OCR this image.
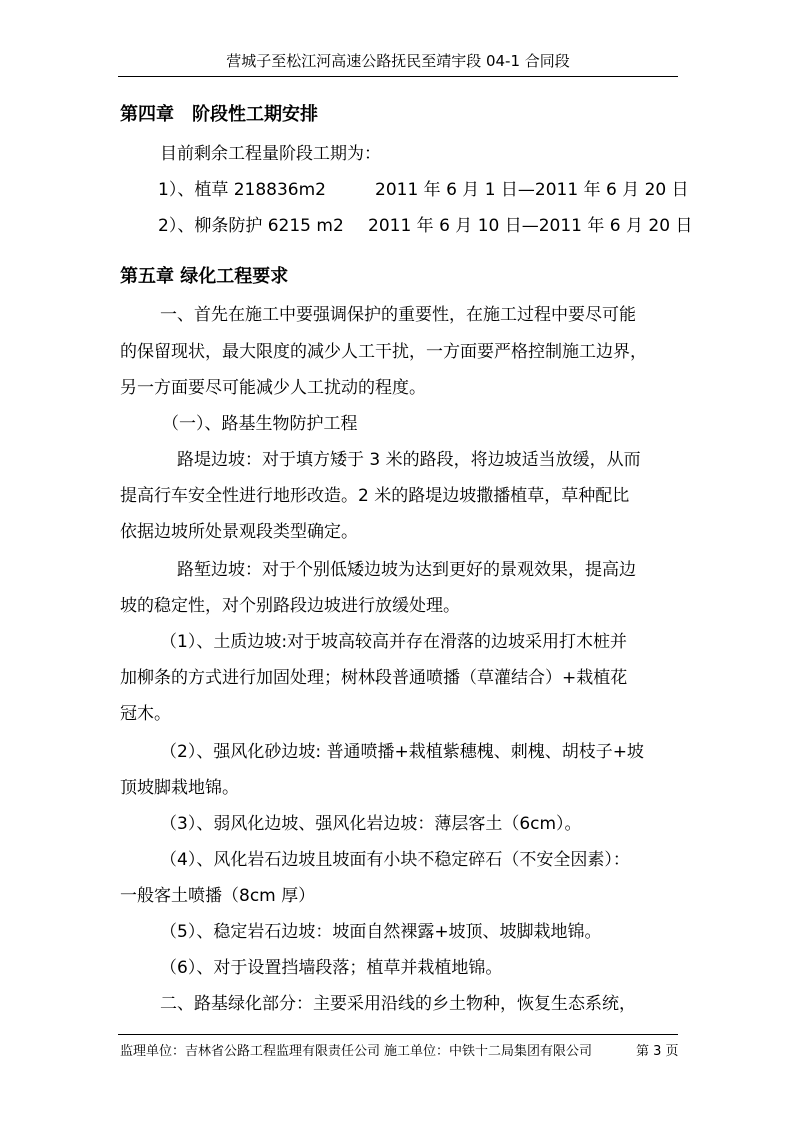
营城子至松江河高速公路抚民至靖宇段 04-1 合同段
第四章　阶段性工期安排
目前剩余工程量阶段工期为：
1）、植草 218836m2	2011 年 6 月 1 日—2011 年 6 月 20 日
2）、柳条防护 6215 m2 2011 年 6 月 10 日—2011 年 6 月 20 日
第五章 绿化工程要求
一、首先在施工中要强调保护的重要性，在施工过程中要尽可能
的保留现状，最大限度的减少人工干扰，一方面要严格控制施工边界，
另一方面要尽可能减少人工扰动的程度。
（一）、路基生物防护工程
路堤边坡：对于填方矮于 3 米的路段，将边坡适当放缓，从而
提高行车安全性进行地形改造。2 米的路堤边坡撒播植草，草种配比
依据边坡所处景观段类型确定。
路堑边坡：对于个别低矮边坡为达到更好的景观效果，提高边
坡的稳定性，对个别路段边坡进行放缓处理。
（1）、土质边坡:对于坡高较高并存在滑落的边坡采用打木桩并
加柳条的方式进行加固处理；树林段普通喷播（草灌结合）+栽植花
冠木。
（2）、强风化砂边坡: 普通喷播+栽植紫穗槐、刺槐、胡枝子+坡
顶坡脚栽地锦。
（3）、弱风化边坡、强风化岩边坡：薄层客土（6cm）。
（4）、风化岩石边坡且坡面有小块不稳定碎石（不安全因素）：
一般客土喷播（8cm 厚）
（5）、稳定岩石边坡：坡面自然裸露+坡顶、坡脚栽地锦。
（6）、对于设置挡墙段落；植草并栽植地锦。
二、路基绿化部分：主要采用沿线的乡土物种，恢复生态系统，
监理单位：吉林省公路工程监理有限责任公司 施工单位：中铁十二局集团有限公司	第 3 页
